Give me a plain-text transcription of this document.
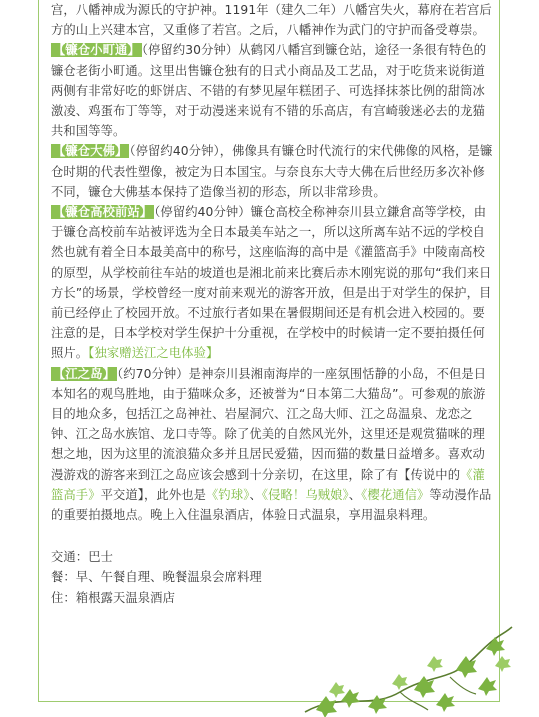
宫，八幡神成为源氏的守护神。1191年（建久二年）八幡宫失火，幕府在若宫后方的山上兴建本宫，又重修了若宫。之后，八幡神作为武门的守护而备受尊崇。

【镰仓小町通】 （停留约30分钟）从鹤冈八幡宫到镰仓站，途径一条很有特色的镰仓老街小町通。这里出售镰仓独有的日式小商品及工艺品，对于吃货来说街道两侧有非常好吃的虾饼店、不错的有梦见屋年糕团子、可选择抹茶比例的甜筒冰激凌、鸡蛋布丁等等，对于动漫迷来说有不错的乐高店，有宫崎骏迷必去的龙猫共和国等等。

【镰仓大佛】 （停留约40分钟），佛像具有镰仓时代流行的宋代佛像的风格，是镰仓时期的代表性塑像，被定为日本国宝。与奈良东大寺大佛在后世经历多次补修不同，镰仓大佛基本保持了造像当初的形态，所以非常珍贵。

【镰仓高校前站】 （停留约40分钟）镰仓高校全称神奈川县立鎌倉高等学校，由于镰仓高校前车站被评选为全日本最美车站之一，所以这所离车站不远的学校自然也就有着全日本最美高中的称号，这座临海的高中是《灌篮高手》中陵南高校的原型，从学校前往车站的坡道也是湘北前来比赛后赤木刚宪说的那句“我们来日方长”的场景，学校曾经一度对前来观光的游客开放，但是出于对学生的保护，目前已经停止了校园开放。不过旅行者如果在暑假期间还是有机会进入校园的。要注意的是，日本学校对学生保护十分重视，在学校中的时候请一定不要拍摄任何照片。【独家赠送江之电体验】

【江之岛】 （约70分钟）是神奈川县湘南海岸的一座氛围恬静的小岛，不但是日本知名的观鸟胜地，由于猫咪众多，还被誉为“日本第二大猫岛”。可参观的旅游目的地众多，包括江之岛神社、岩屋洞穴、江之岛大师、江之岛温泉、龙恋之钟、江之岛水族馆、龙口寺等。除了优美的自然风光外，这里还是观赏猫咪的理想之地，因为这里的流浪猫众多并且居民爱猫，因而猫的数量日益增多。喜欢动漫游戏的游客来到江之岛应该会感到十分亲切，在这里，除了有【传说中的《灌篮高手》平交道】，此外也是《钓球》、《侵略！乌贼娘》、《樱花通信》等动漫作品的重要拍摄地点。晚上入住温泉酒店，体验日式温泉，享用温泉料理。

交通：巴士

餐：早、午餐自理、晚餐温泉会席料理

住：箱根露天温泉酒店
